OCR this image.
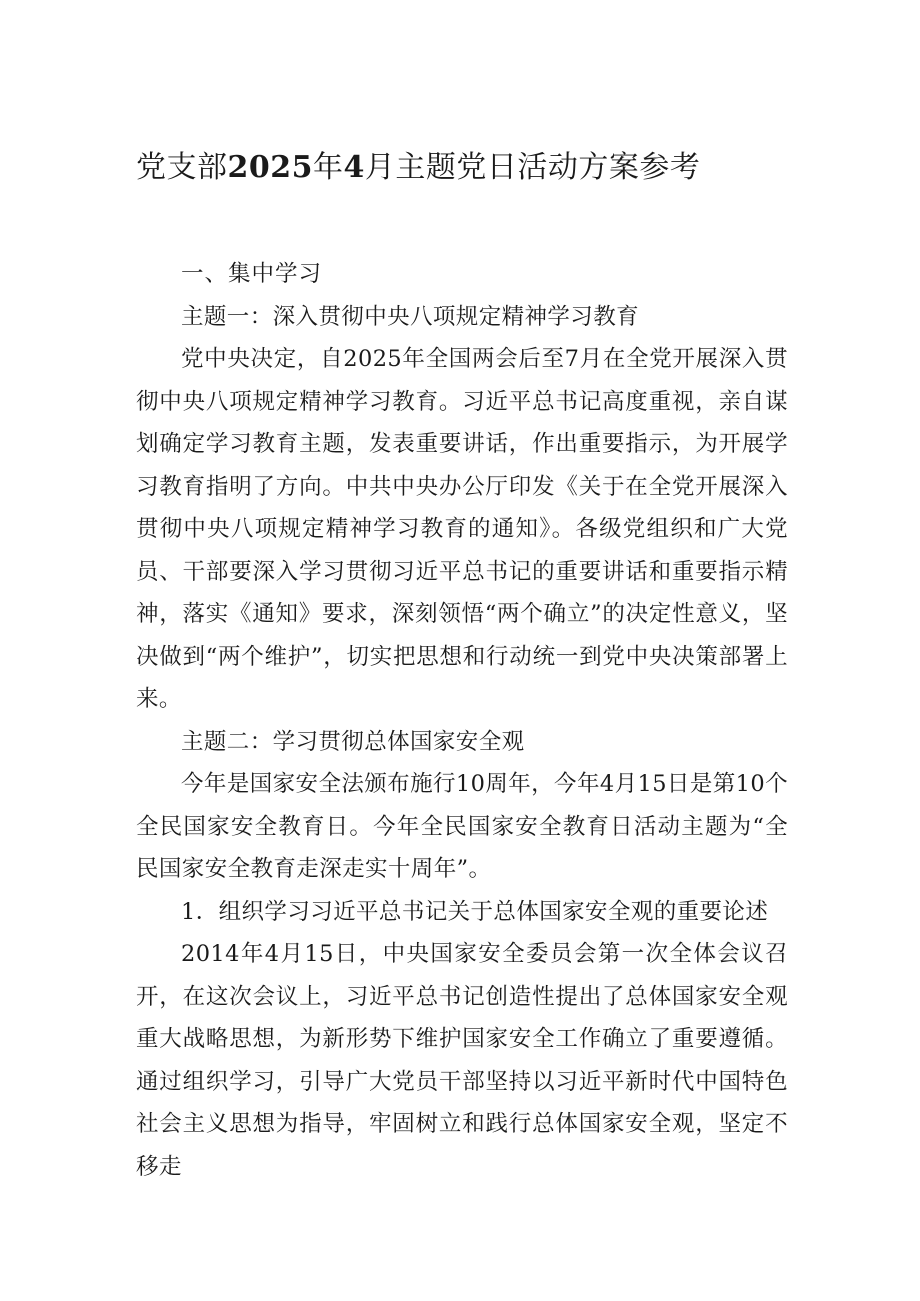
党支部2025年4月主题党日活动方案参考

一、集中学习

主题一：深入贯彻中央八项规定精神学习教育

党中央决定，自2025年全国两会后至7月在全党开展深入贯彻中央八项规定精神学习教育。习近平总书记高度重视，亲自谋划确定学习教育主题，发表重要讲话，作出重要指示，为开展学习教育指明了方向。中共中央办公厅印发《关于在全党开展深入贯彻中央八项规定精神学习教育的通知》。各级党组织和广大党员、干部要深入学习贯彻习近平总书记的重要讲话和重要指示精神，落实《通知》要求，深刻领悟“两个确立”的决定性意义，坚决做到“两个维护”，切实把思想和行动统一到党中央决策部署上来。

主题二：学习贯彻总体国家安全观

今年是国家安全法颁布施行10周年，今年4月15日是第10个全民国家安全教育日。今年全民国家安全教育日活动主题为“全民国家安全教育走深走实十周年”。

1．组织学习习近平总书记关于总体国家安全观的重要论述

2014年4月15日，中央国家安全委员会第一次全体会议召开，在这次会议上，习近平总书记创造性提出了总体国家安全观重大战略思想，为新形势下维护国家安全工作确立了重要遵循。通过组织学习，引导广大党员干部坚持以习近平新时代中国特色社会主义思想为指导，牢固树立和践行总体国家安全观，坚定不移走
